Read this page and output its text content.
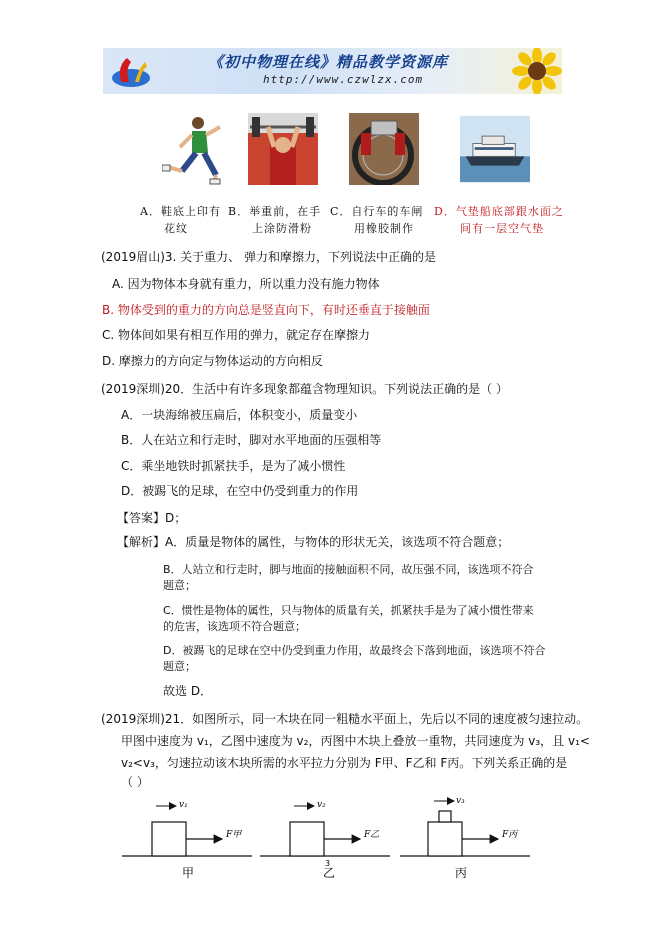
《初中物理在线》精品教学资源库
http://www.czwlzx.com
A．鞋底上印有
花纹
B．举重前，在手
上涂防滑粉
C．自行车的车闸
用橡胶制作
D．气垫船底部跟水面之
间有一层空气垫
(2019眉山)3. 关于重力、 弹力和摩擦力，下列说法中正确的是
A. 因为物体本身就有重力，所以重力没有施力物体
B. 物体受到的重力的方向总是竖直向下，有时还垂直于接触面
C. 物体间如果有相互作用的弹力，就定存在摩擦力
D. 摩擦力的方向定与物体运动的方向相反
(2019深圳)20．生活中有许多现象都蕴含物理知识。下列说法正确的是（ ）
A．一块海绵被压扁后，体积变小，质量变小
B．人在站立和行走时，脚对水平地面的压强相等
C．乘坐地铁时抓紧扶手，是为了减小惯性
D．被踢飞的足球，在空中仍受到重力的作用
【答案】D；
【解析】A．质量是物体的属性，与物体的形状无关，该选项不符合题意；
B．人站立和行走时，脚与地面的接触面积不同，故压强不同，该选项不符合
题意；
C．惯性是物体的属性，只与物体的质量有关，抓紧扶手是为了减小惯性带来
的危害，该选项不符合题意；
D．被踢飞的足球在空中仍受到重力作用，故最终会下落到地面，该选项不符合
题意；
故选 D．
(2019深圳)21．如图所示，同一木块在同一粗糙水平面上，先后以不同的速度被匀速拉动。
甲图中速度为 v₁，乙图中速度为 v₂，丙图中木块上叠放一重物，共同速度为 v₃，且 v₁<
v₂<v₃，匀速拉动该木块所需的水平拉力分别为 F甲、F乙和 F丙。下列关系正确的是
（ ）
v₁
F甲
甲
v₂
F乙
乙
v₃
F丙
丙
3
